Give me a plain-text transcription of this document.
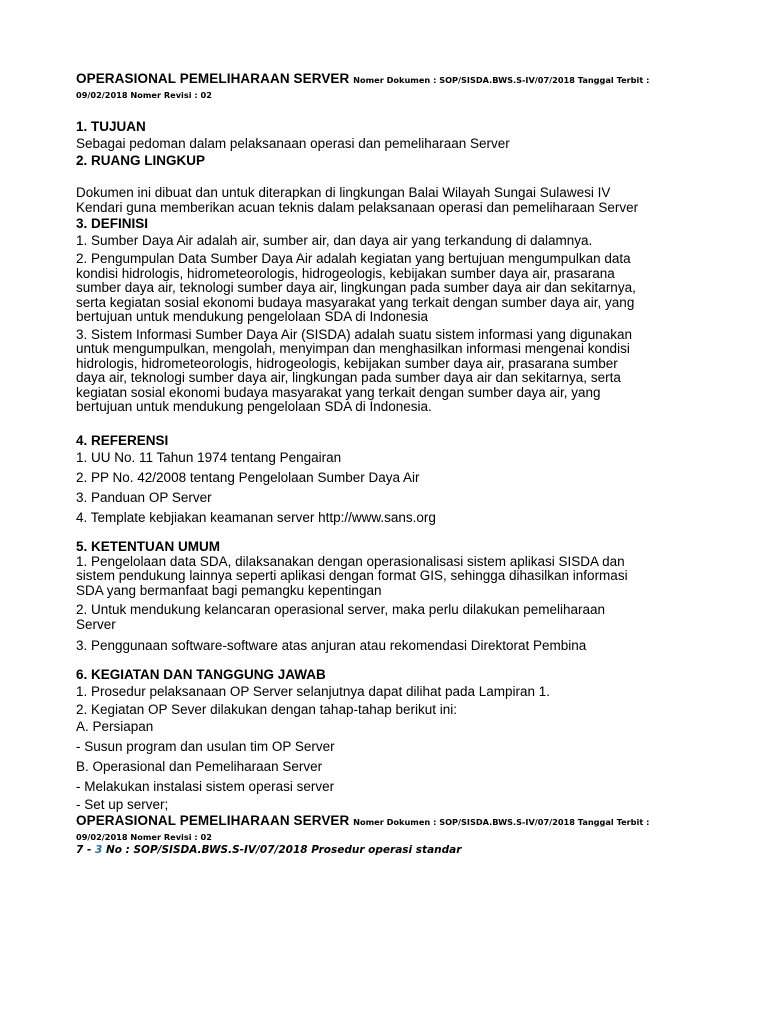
OPERASIONAL PEMELIHARAAN SERVER Nomer Dokumen : SOP/SISDA.BWS.S-IV/07/2018 Tanggal Terbit :
09/02/2018 Nomer Revisi : 02
1. TUJUAN
Sebagai pedoman dalam pelaksanaan operasi dan pemeliharaan Server
2. RUANG LINGKUP
Dokumen ini dibuat dan untuk diterapkan di lingkungan Balai Wilayah Sungai Sulawesi IV
Kendari guna memberikan acuan teknis dalam pelaksanaan operasi dan pemeliharaan Server
3. DEFINISI
1. Sumber Daya Air adalah air, sumber air, dan daya air yang terkandung di dalamnya.
2. Pengumpulan Data Sumber Daya Air adalah kegiatan yang bertujuan mengumpulkan data
kondisi hidrologis, hidrometeorologis, hidrogeologis, kebijakan sumber daya air, prasarana
sumber daya air, teknologi sumber daya air, lingkungan pada sumber daya air dan sekitarnya,
serta kegiatan sosial ekonomi budaya masyarakat yang terkait dengan sumber daya air, yang
bertujuan untuk mendukung pengelolaan SDA di Indonesia
3. Sistem Informasi Sumber Daya Air (SISDA) adalah suatu sistem informasi yang digunakan
untuk mengumpulkan, mengolah, menyimpan dan menghasilkan informasi mengenai kondisi
hidrologis, hidrometeorologis, hidrogeologis, kebijakan sumber daya air, prasarana sumber
daya air, teknologi sumber daya air, lingkungan pada sumber daya air dan sekitarnya, serta
kegiatan sosial ekonomi budaya masyarakat yang terkait dengan sumber daya air, yang
bertujuan untuk mendukung pengelolaan SDA di Indonesia.
4. REFERENSI
1. UU No. 11 Tahun 1974 tentang Pengairan
2. PP No. 42/2008 tentang Pengelolaan Sumber Daya Air
3. Panduan OP Server
4. Template kebjiakan keamanan server http://www.sans.org
5. KETENTUAN UMUM
1. Pengelolaan data SDA, dilaksanakan dengan operasionalisasi sistem aplikasi SISDA dan
sistem pendukung lainnya seperti aplikasi dengan format GIS, sehingga dihasilkan informasi
SDA yang bermanfaat bagi pemangku kepentingan
2. Untuk mendukung kelancaran operasional server, maka perlu dilakukan pemeliharaan
Server
3. Penggunaan software-software atas anjuran atau rekomendasi Direktorat Pembina
6. KEGIATAN DAN TANGGUNG JAWAB
1. Prosedur pelaksanaan OP Server selanjutnya dapat dilihat pada Lampiran 1.
2. Kegiatan OP Sever dilakukan dengan tahap-tahap berikut ini:
A. Persiapan
- Susun program dan usulan tim OP Server
B. Operasional dan Pemeliharaan Server
- Melakukan instalasi sistem operasi server
- Set up server;
OPERASIONAL PEMELIHARAAN SERVER Nomer Dokumen : SOP/SISDA.BWS.S-IV/07/2018 Tanggal Terbit :
09/02/2018 Nomer Revisi : 02
7 - 3 No : SOP/SISDA.BWS.S-IV/07/2018 Prosedur operasi standar
